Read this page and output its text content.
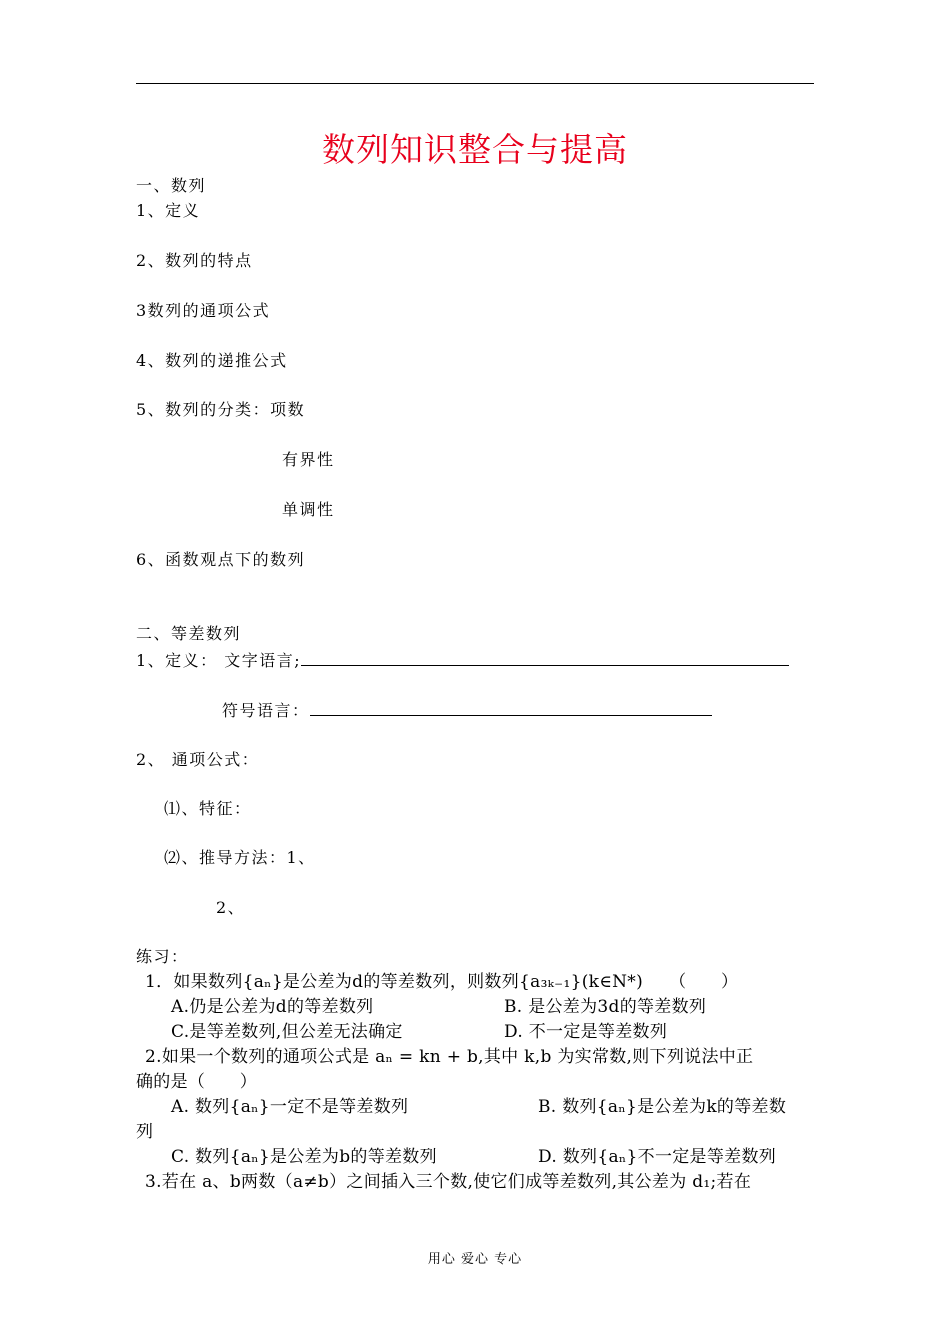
数列知识整合与提高
一、数列
1、定义
2、数列的特点
3数列的通项公式
4、数列的递推公式
5、数列的分类：项数
有界性
单调性
6、函数观点下的数列
二、等差数列
1、定义： 文字语言;
符号语言：
2、 通项公式：
⑴、特征：
⑵、推导方法：1、
2、
练习：
1．如果数列{aₙ}是公差为d的等差数列，则数列{a₃ₖ₋₁}(k∈N*)　　（　　）
A.仍是公差为d的等差数列	B. 是公差为3d的等差数列
C.是等差数列,但公差无法确定	D. 不一定是等差数列
2.如果一个数列的通项公式是 aₙ = kn + b,其中 k,b 为实常数,则下列说法中正
确的是（　　）
A. 数列{aₙ}一定不是等差数列	B. 数列{aₙ}是公差为k的等差数
列
C. 数列{aₙ}是公差为b的等差数列	D. 数列{aₙ}不一定是等差数列
3.若在 a、b两数（a≠b）之间插入三个数,使它们成等差数列,其公差为 d₁;若在
用心 爱心 专心
